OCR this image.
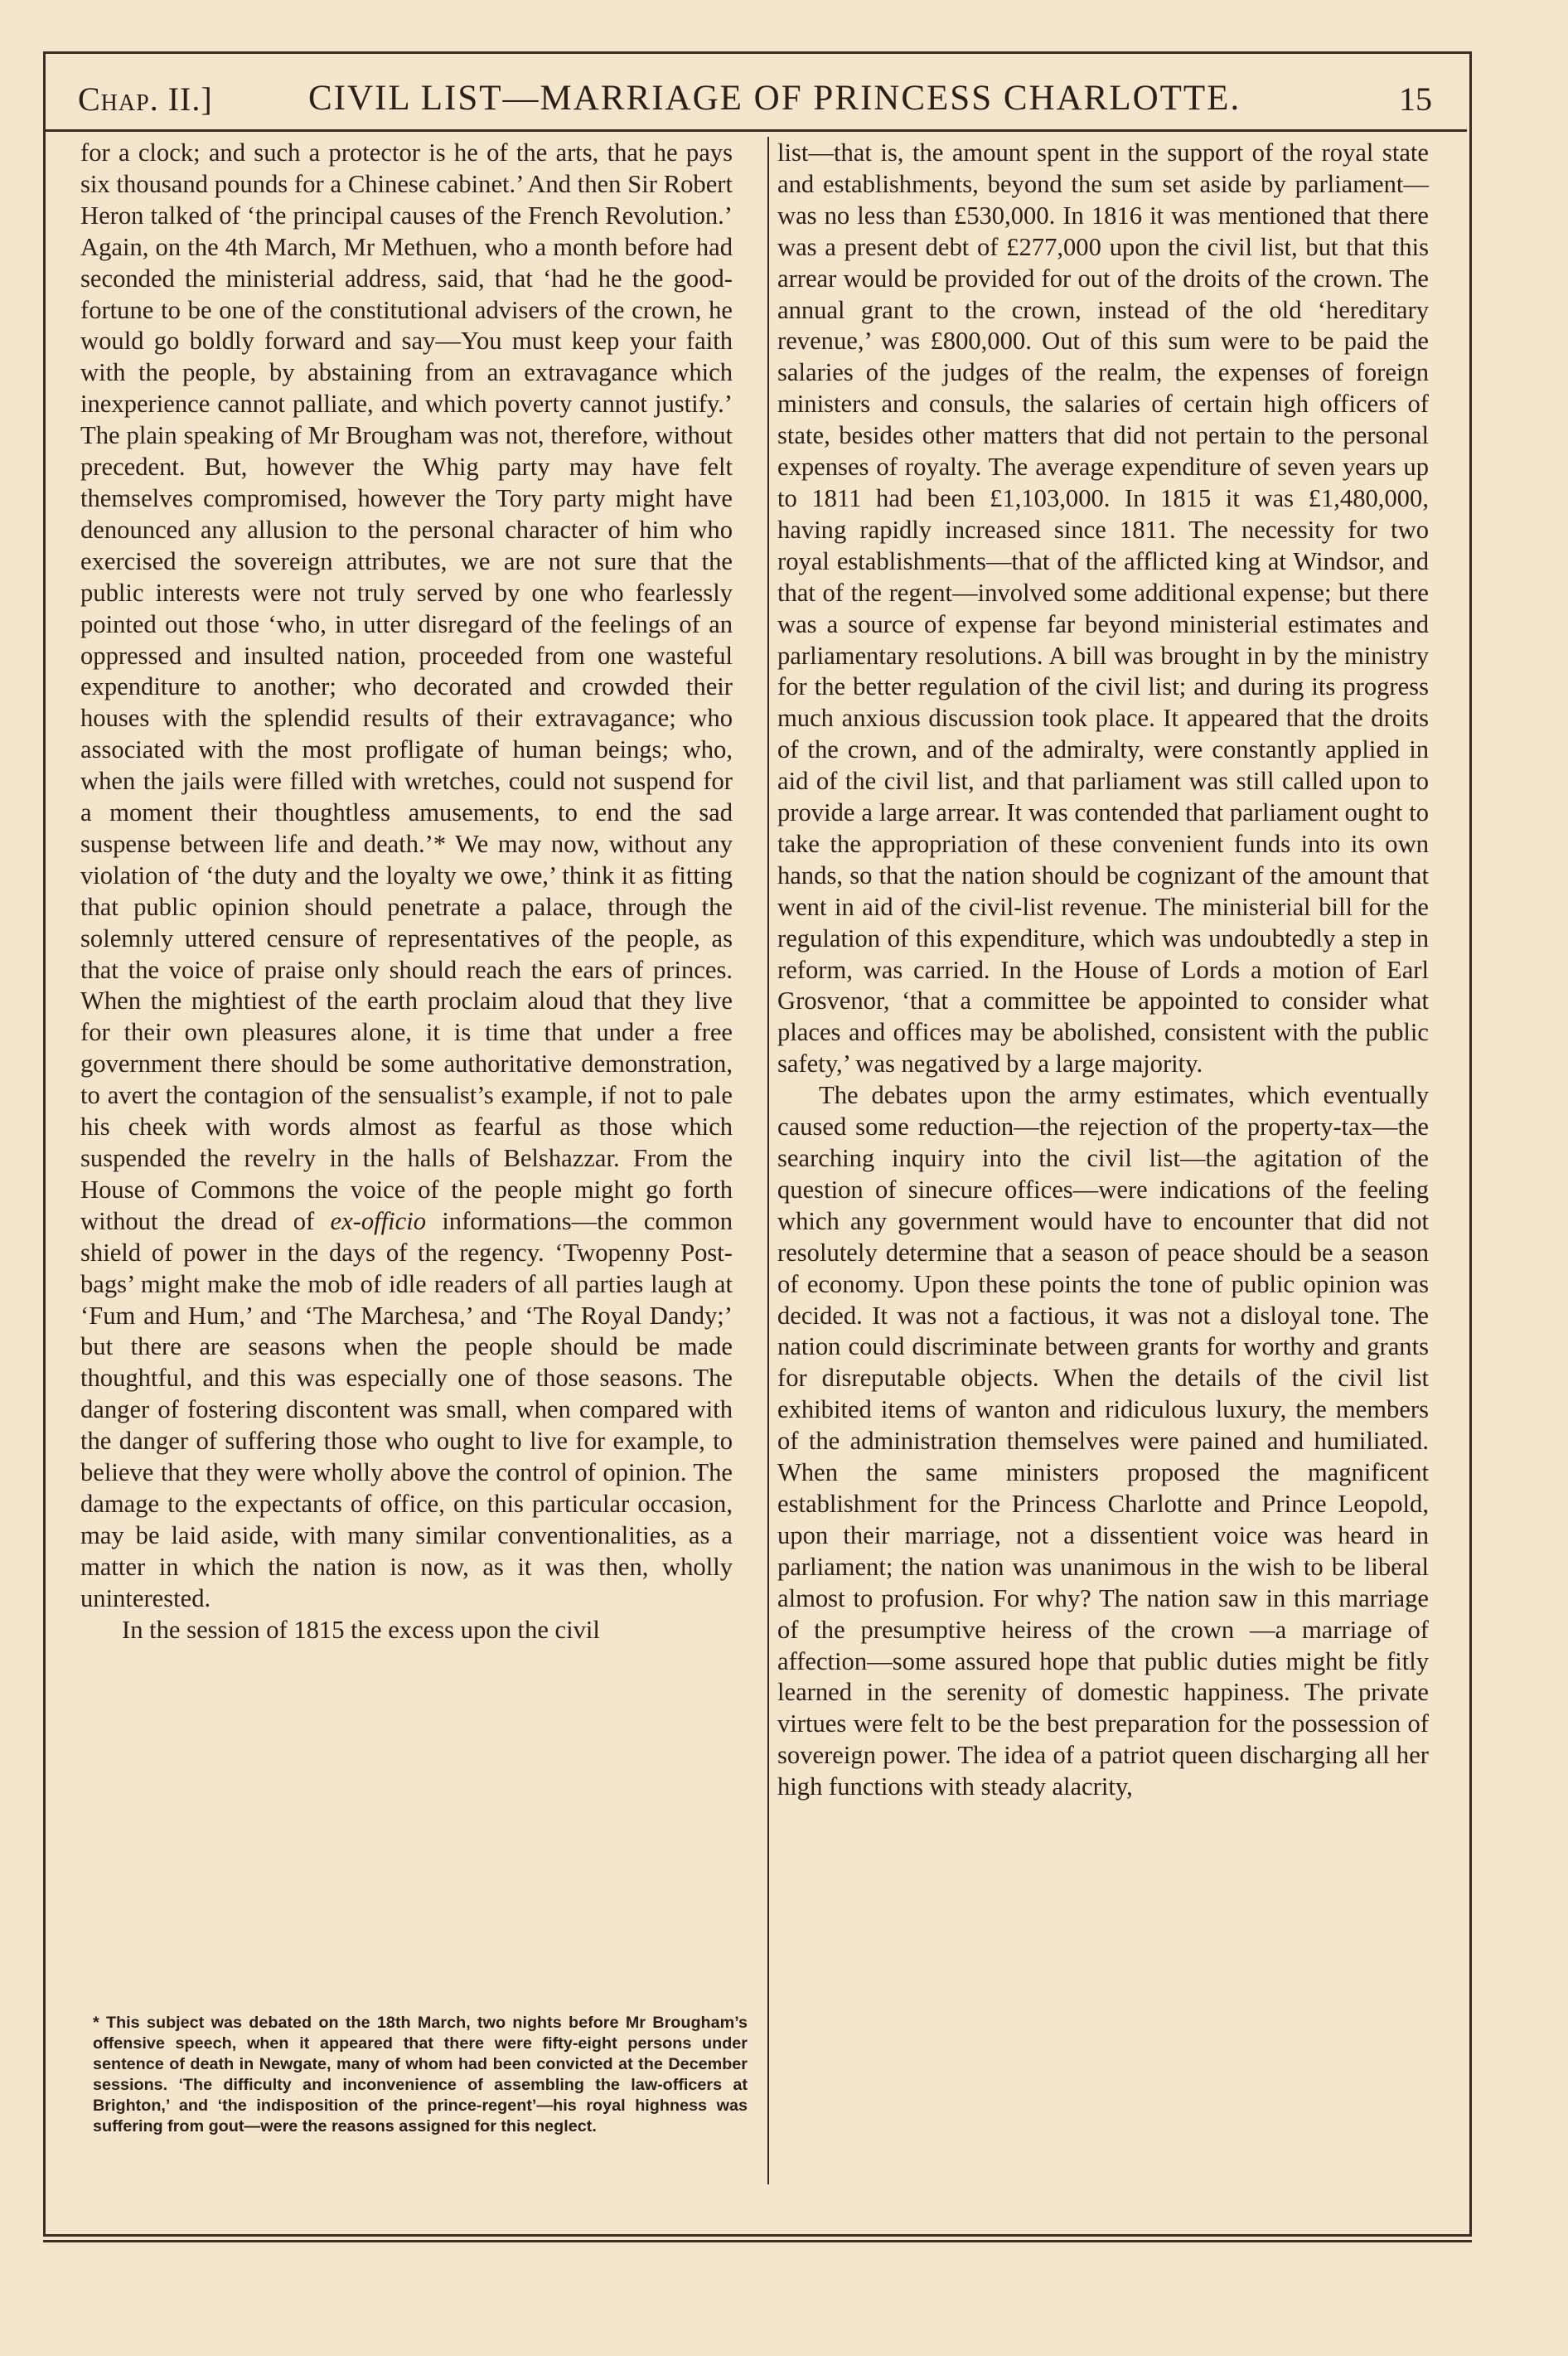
Chap. II.]	CIVIL LIST—MARRIAGE OF PRINCESS CHARLOTTE.	15

for a clock; and such a protector is he of the arts, that he pays six thousand pounds for a Chinese cabinet.’ And then Sir Robert Heron talked of ‘the principal causes of the French Revolution.’ Again, on the 4th March, Mr Methuen, who a month before had seconded the ministerial address, said, that ‘had he the good-fortune to be one of the constitutional advisers of the crown, he would go boldly forward and say—You must keep your faith with the people, by abstaining from an extravagance which inexperience cannot palliate, and which poverty cannot justify.’ The plain speaking of Mr Brougham was not, therefore, without precedent. But, however the Whig party may have felt themselves compromised, however the Tory party might have denounced any allusion to the personal character of him who exercised the sovereign attributes, we are not sure that the public interests were not truly served by one who fearlessly pointed out those ‘who, in utter disregard of the feelings of an oppressed and insulted nation, proceeded from one wasteful expenditure to another; who decorated and crowded their houses with the splendid results of their extravagance; who associated with the most profligate of human beings; who, when the jails were filled with wretches, could not suspend for a moment their thoughtless amusements, to end the sad suspense between life and death.’* We may now, without any violation of ‘the duty and the loyalty we owe,’ think it as fitting that public opinion should penetrate a palace, through the solemnly uttered censure of representatives of the people, as that the voice of praise only should reach the ears of princes. When the mightiest of the earth proclaim aloud that they live for their own pleasures alone, it is time that under a free government there should be some authoritative demonstration, to avert the contagion of the sensualist’s example, if not to pale his cheek with words almost as fearful as those which suspended the revelry in the halls of Belshazzar. From the House of Commons the voice of the people might go forth without the dread of ex-officio informations—the common shield of power in the days of the regency. ‘Twopenny Post-bags’ might make the mob of idle readers of all parties laugh at ‘Fum and Hum,’ and ‘The Marchesa,’ and ‘The Royal Dandy;’ but there are seasons when the people should be made thoughtful, and this was especially one of those seasons. The danger of fostering discontent was small, when compared with the danger of suffering those who ought to live for example, to believe that they were wholly above the control of opinion. The damage to the expectants of office, on this particular occasion, may be laid aside, with many similar conventionalities, as a matter in which the nation is now, as it was then, wholly uninterested.

In the session of 1815 the excess upon the civil

* This subject was debated on the 18th March, two nights before Mr Brougham’s offensive speech, when it appeared that there were fifty-eight persons under sentence of death in Newgate, many of whom had been convicted at the December sessions. ‘The difficulty and inconvenience of assembling the law-officers at Brighton,’ and ‘the indisposition of the prince-regent’—his royal highness was suffering from gout—were the reasons assigned for this neglect.

list—that is, the amount spent in the support of the royal state and establishments, beyond the sum set aside by parliament—was no less than £530,000. In 1816 it was mentioned that there was a present debt of £277,000 upon the civil list, but that this arrear would be provided for out of the droits of the crown. The annual grant to the crown, instead of the old ‘hereditary revenue,’ was £800,000. Out of this sum were to be paid the salaries of the judges of the realm, the expenses of foreign ministers and consuls, the salaries of certain high officers of state, besides other matters that did not pertain to the personal expenses of royalty. The average expenditure of seven years up to 1811 had been £1,103,000. In 1815 it was £1,480,000, having rapidly increased since 1811. The necessity for two royal establishments—that of the afflicted king at Windsor, and that of the regent—involved some additional expense; but there was a source of expense far beyond ministerial estimates and parliamentary resolutions. A bill was brought in by the ministry for the better regulation of the civil list; and during its progress much anxious discussion took place. It appeared that the droits of the crown, and of the admiralty, were constantly applied in aid of the civil list, and that parliament was still called upon to provide a large arrear. It was contended that parliament ought to take the appropriation of these convenient funds into its own hands, so that the nation should be cognizant of the amount that went in aid of the civil-list revenue. The ministerial bill for the regulation of this expenditure, which was undoubtedly a step in reform, was carried. In the House of Lords a motion of Earl Grosvenor, ‘that a committee be appointed to consider what places and offices may be abolished, consistent with the public safety,’ was negatived by a large majority.

The debates upon the army estimates, which eventually caused some reduction—the rejection of the property-tax—the searching inquiry into the civil list—the agitation of the question of sinecure offices—were indications of the feeling which any government would have to encounter that did not resolutely determine that a season of peace should be a season of economy. Upon these points the tone of public opinion was decided. It was not a factious, it was not a disloyal tone. The nation could discriminate between grants for worthy and grants for disreputable objects. When the details of the civil list exhibited items of wanton and ridiculous luxury, the members of the administration themselves were pained and humiliated. When the same ministers proposed the magnificent establishment for the Princess Charlotte and Prince Leopold, upon their marriage, not a dissentient voice was heard in parliament; the nation was unanimous in the wish to be liberal almost to profusion. For why? The nation saw in this marriage of the presumptive heiress of the crown —a marriage of affection—some assured hope that public duties might be fitly learned in the serenity of domestic happiness. The private virtues were felt to be the best preparation for the possession of sovereign power. The idea of a patriot queen discharging all her high functions with steady alacrity,
